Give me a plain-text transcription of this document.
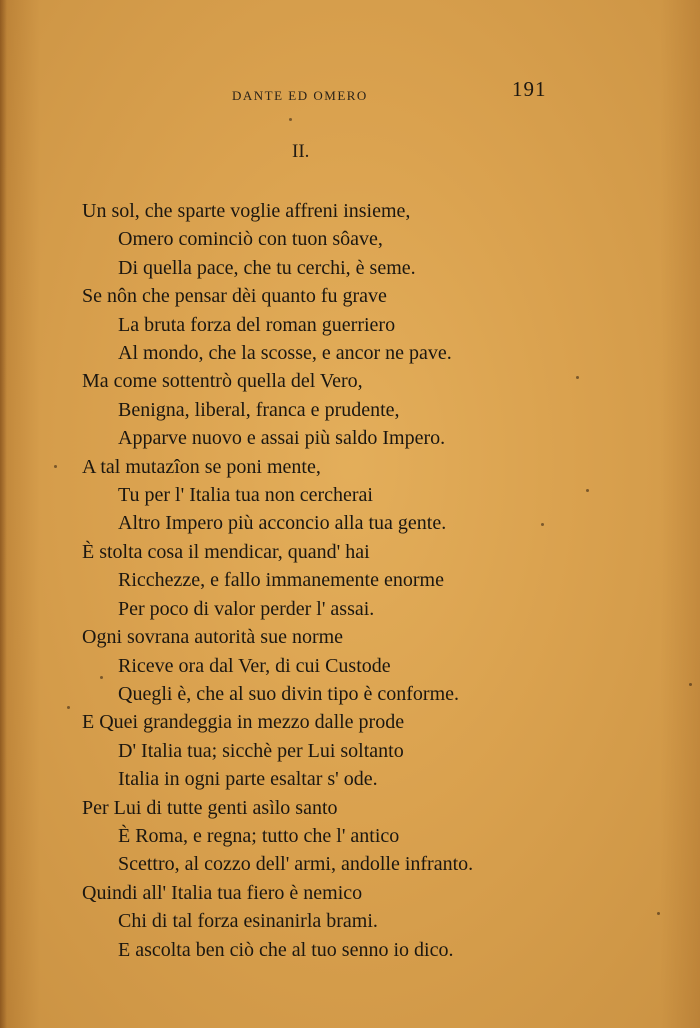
DANTE ED OMERO	191
II.
Un sol, che sparte voglie affreni insieme,
Omero cominciò con tuon sôave,
Di quella pace, che tu cerchi, è seme.
Se nôn che pensar dèi quanto fu grave
La bruta forza del roman guerriero
Al mondo, che la scosse, e ancor ne pave.
Ma come sottentrò quella del Vero,
Benigna, liberal, franca e prudente,
Apparve nuovo e assai più saldo Impero.
A tal mutazîon se poni mente,
Tu per l' Italia tua non cercherai
Altro Impero più acconcio alla tua gente.
È stolta cosa il mendicar, quand' hai
Ricchezze, e fallo immanemente enorme
Per poco di valor perder l' assai.
Ogni sovrana autorità sue norme
Riceve ora dal Ver, di cui Custode
Quegli è, che al suo divin tipo è conforme.
E Quei grandeggia in mezzo dalle prode
D' Italia tua; sicchè per Lui soltanto
Italia in ogni parte esaltar s' ode.
Per Lui di tutte genti asìlo santo
È Roma, e regna; tutto che l' antico
Scettro, al cozzo dell' armi, andolle infranto.
Quindi all' Italia tua fiero è nemico
Chi di tal forza esinanirla brami.
E ascolta ben ciò che al tuo senno io dico.
